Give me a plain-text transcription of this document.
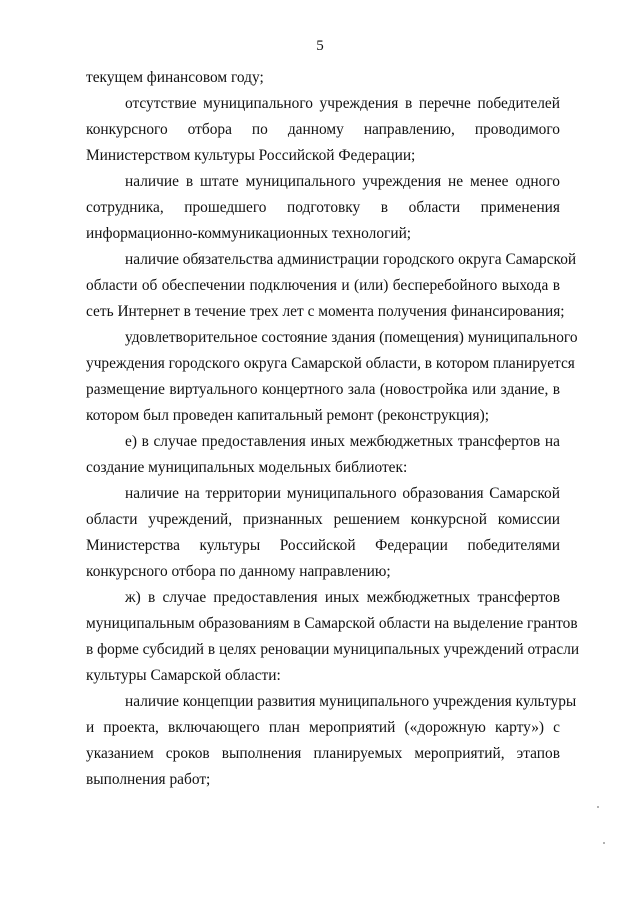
5

текущем финансовом году;

отсутствие муниципального учреждения в перечне победителей
конкурсного отбора по данному направлению, проводимого
Министерством культуры Российской Федерации;

наличие в штате муниципального учреждения не менее одного
сотрудника, прошедшего подготовку в области применения
информационно-коммуникационных технологий;

наличие обязательства администрации городского округа Самарской
области об обеспечении подключения и (или) бесперебойного выхода в
сеть Интернет в течение трех лет с момента получения финансирования;

удовлетворительное состояние здания (помещения) муниципального
учреждения городского округа Самарской области, в котором планируется
размещение виртуального концертного зала (новостройка или здание, в
котором был проведен капитальный ремонт (реконструкция);

е) в случае предоставления иных межбюджетных трансфертов на
создание муниципальных модельных библиотек:

наличие на территории муниципального образования Самарской
области учреждений, признанных решением конкурсной комиссии
Министерства культуры Российской Федерации победителями
конкурсного отбора по данному направлению;

ж) в случае предоставления иных межбюджетных трансфертов
муниципальным образованиям в Самарской области на выделение грантов
в форме субсидий в целях реновации муниципальных учреждений отрасли
культуры Самарской области:

наличие концепции развития муниципального учреждения культуры
и проекта, включающего план мероприятий («дорожную карту») с
указанием сроков выполнения планируемых мероприятий, этапов
выполнения работ;
